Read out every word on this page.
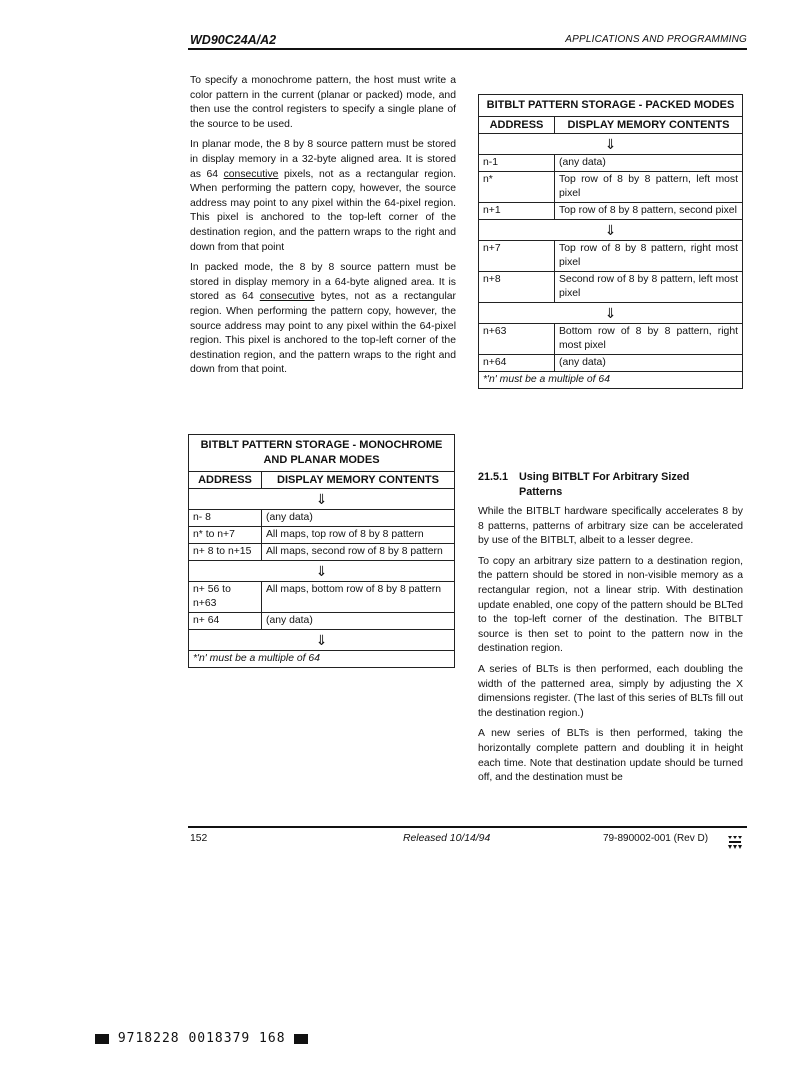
WD90C24A/A2	APPLICATIONS AND PROGRAMMING

To specify a monochrome pattern, the host must write a color pattern in the current (planar or packed) mode, and then use the control registers to specify a single plane of the source to be used.

In planar mode, the 8 by 8 source pattern must be stored in display memory in a 32-byte aligned area. It is stored as 64 consecutive pixels, not as a rectangular region. When performing the pattern copy, however, the source address may point to any pixel within the 64-pixel region. This pixel is anchored to the top-left corner of the destination region, and the pattern wraps to the right and down from that point

In packed mode, the 8 by 8 source pattern must be stored in display memory in a 64-byte aligned area. It is stored as 64 consecutive bytes, not as a rectangular region. When performing the pattern copy, however, the source address may point to any pixel within the 64-pixel region. This pixel is anchored to the top-left corner of the destination region, and the pattern wraps to the right and down from that point.

BITBLT PATTERN STORAGE - PACKED MODES	
ADDRESS	DISPLAY MEMORY CONTENTS
⇓	
n-1	(any data)
n*	Top row of 8 by 8 pattern, left most pixel
n+1	Top row of 8 by 8 pattern, second pixel
⇓	
n+7	Top row of 8 by 8 pattern, right most pixel
n+8	Second row of 8 by 8 pattern, left most pixel
⇓	
n+63	Bottom row of 8 by 8 pattern, right most pixel
n+64	(any data)
*'n' must be a multiple of 64	
BITBLT PATTERN STORAGE - MONOCHROME AND PLANAR MODES	
ADDRESS	DISPLAY MEMORY CONTENTS
⇓	
n- 8	(any data)
n* to n+7	All maps, top row of 8 by 8 pattern
n+ 8 to n+15	All maps, second row of 8 by 8 pattern
⇓	
n+ 56 to n+63	All maps, bottom row of 8 by 8 pattern
n+ 64	(any data)
⇓	
*'n' must be a multiple of 64	
21.5.1 Using BITBLT For Arbitrary Sized
Patterns

While the BITBLT hardware specifically accelerates 8 by 8 patterns, patterns of arbitrary size can be accelerated by use of the BITBLT, albeit to a lesser degree.

To copy an arbitrary size pattern to a destination region, the pattern should be stored in non-visible memory as a rectangular region, not a linear strip. With destination update enabled, one copy of the pattern should be BLTed to the top-left corner of the destination. The BITBLT source is then set to point to the pattern now in the destination region.

A series of BLTs is then performed, each doubling the width of the patterned area, simply by adjusting the X dimensions register. (The last of this series of BLTs fill out the destination region.)

A new series of BLTs is then performed, taking the horizontally complete pattern and doubling it in height each time. Note that destination update should be turned off, and the destination must be

152	Released 10/14/94	79-890002-001 (Rev D)
9718228 0018379 168
